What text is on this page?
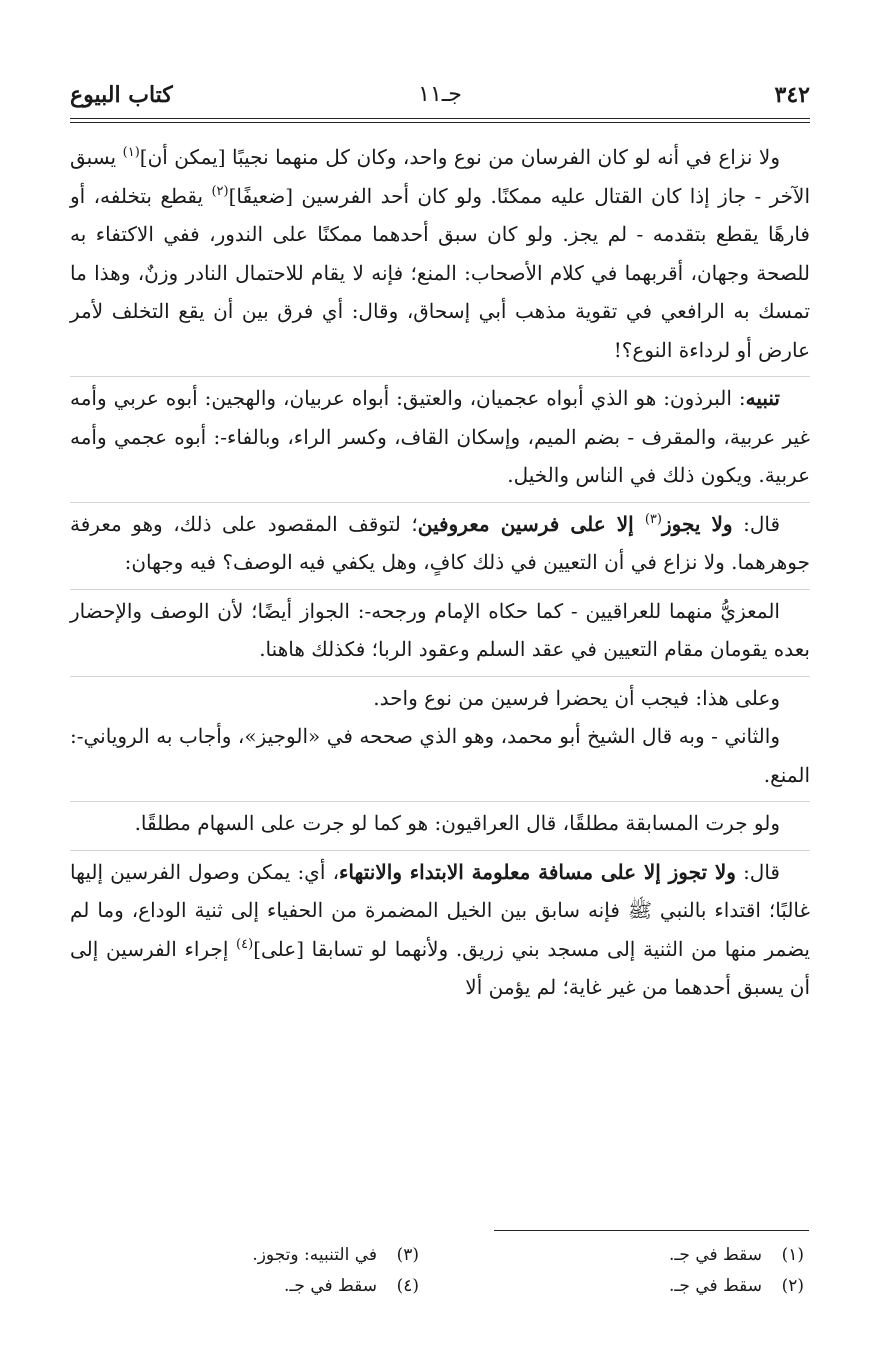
٣٤٢
جـ١١
كتاب البيوع

ولا نزاع في أنه لو كان الفرسان من نوع واحد، وكان كل منهما نجيبًا [يمكن أن]$^{(١)}$ يسبق الآخر - جاز إذا كان القتال عليه ممكنًا. ولو كان أحد الفرسين [ضعيفًا]$^{(٢)}$ يقطع بتخلفه، أو فارهًا يقطع بتقدمه - لم يجز. ولو كان سبق أحدهما ممكنًا على الندور، ففي الاكتفاء به للصحة وجهان، أقربهما في كلام الأصحاب: المنع؛ فإنه لا يقام للاحتمال النادر وزنٌ، وهذا ما تمسك به الرافعي في تقوية مذهب أبي إسحاق، وقال: أي فرق بين أن يقع التخلف لأمر عارض أو لرداءة النوع؟!

تنبيه: البرذون: هو الذي أبواه عجميان، والعتيق: أبواه عربيان، والهجين: أبوه عربي وأمه غير عربية، والمقرف - بضم الميم، وإسكان القاف، وكسر الراء، وبالفاء-: أبوه عجمي وأمه عربية. ويكون ذلك في الناس والخيل.

قال: ولا يجوز$^{(٣)}$ إلا على فرسين معروفين؛ لتوقف المقصود على ذلك، وهو معرفة جوهرهما. ولا نزاع في أن التعيين في ذلك كافٍ، وهل يكفي فيه الوصف؟ فيه وجهان:

المعزيُّ منهما للعراقيين - كما حكاه الإمام ورجحه-: الجواز أيضًا؛ لأن الوصف والإحضار بعده يقومان مقام التعيين في عقد السلم وعقود الربا؛ فكذلك هاهنا.

وعلى هذا: فيجب أن يحضرا فرسين من نوع واحد.

والثاني - وبه قال الشيخ أبو محمد، وهو الذي صححه في «الوجيز»، وأجاب به الروياني-: المنع.

ولو جرت المسابقة مطلقًا، قال العراقيون: هو كما لو جرت على السهام مطلقًا.

قال: ولا تجوز إلا على مسافة معلومة الابتداء والانتهاء، أي: يمكن وصول الفرسين إليها غالبًا؛ اقتداء بالنبي ﷺ فإنه سابق بين الخيل المضمرة من الحفياء إلى ثنية الوداع، وما لم يضمر منها من الثنية إلى مسجد بني زريق. ولأنهما لو تسابقا [على]$^{(٤)}$ إجراء الفرسين إلى أن يسبق أحدهما من غير غاية؛ لم يؤمن ألا

(١)سقط في جـ.
(٢)سقط في جـ.
(٣)في التنبيه: وتجوز.
(٤)سقط في جـ.
